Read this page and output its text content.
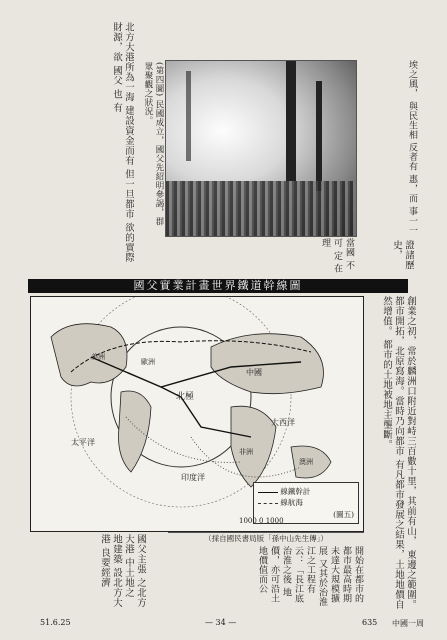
(第四圖) 民國成立，國父先紹明參謁，群眾聚觀之狀況。
證諸歷史，
埃之風， 與民生相 反者有 惠，而 事一一
北方大港所為一海 建設資金而有 但一旦都市 欲的實際 財源，欲 國父 也 有
當國 不可 定 在 理
國父實業計畫世界鐵道幹線圖
北極
中國
歐洲
太平洋
大西洋
印度洋
非洲
美洲
澳洲
線鐵幹計
線航海
(圖五)
1000 0 1000
（採自國民書局版「孫中山先生傳」）	創業之初，常於麟洲口附近對峙三百數十里，其前有山， 東邊之範圍。都市開拓，北原寫海。當時乃向都市 有凡都市發展之結果，土地地價自然增值。 都市的土地被地主壟斷。
開始在都市的都市最高時期未達大規模擴展 又其於治淮江之工程有云：「長江底治淮之後 地價，亦可沿土地價值而公
國父主張 之北方大港 中土地之 地建築 設北方大港 良要經濟
51.6.25	— 34 —	635 中國一周
